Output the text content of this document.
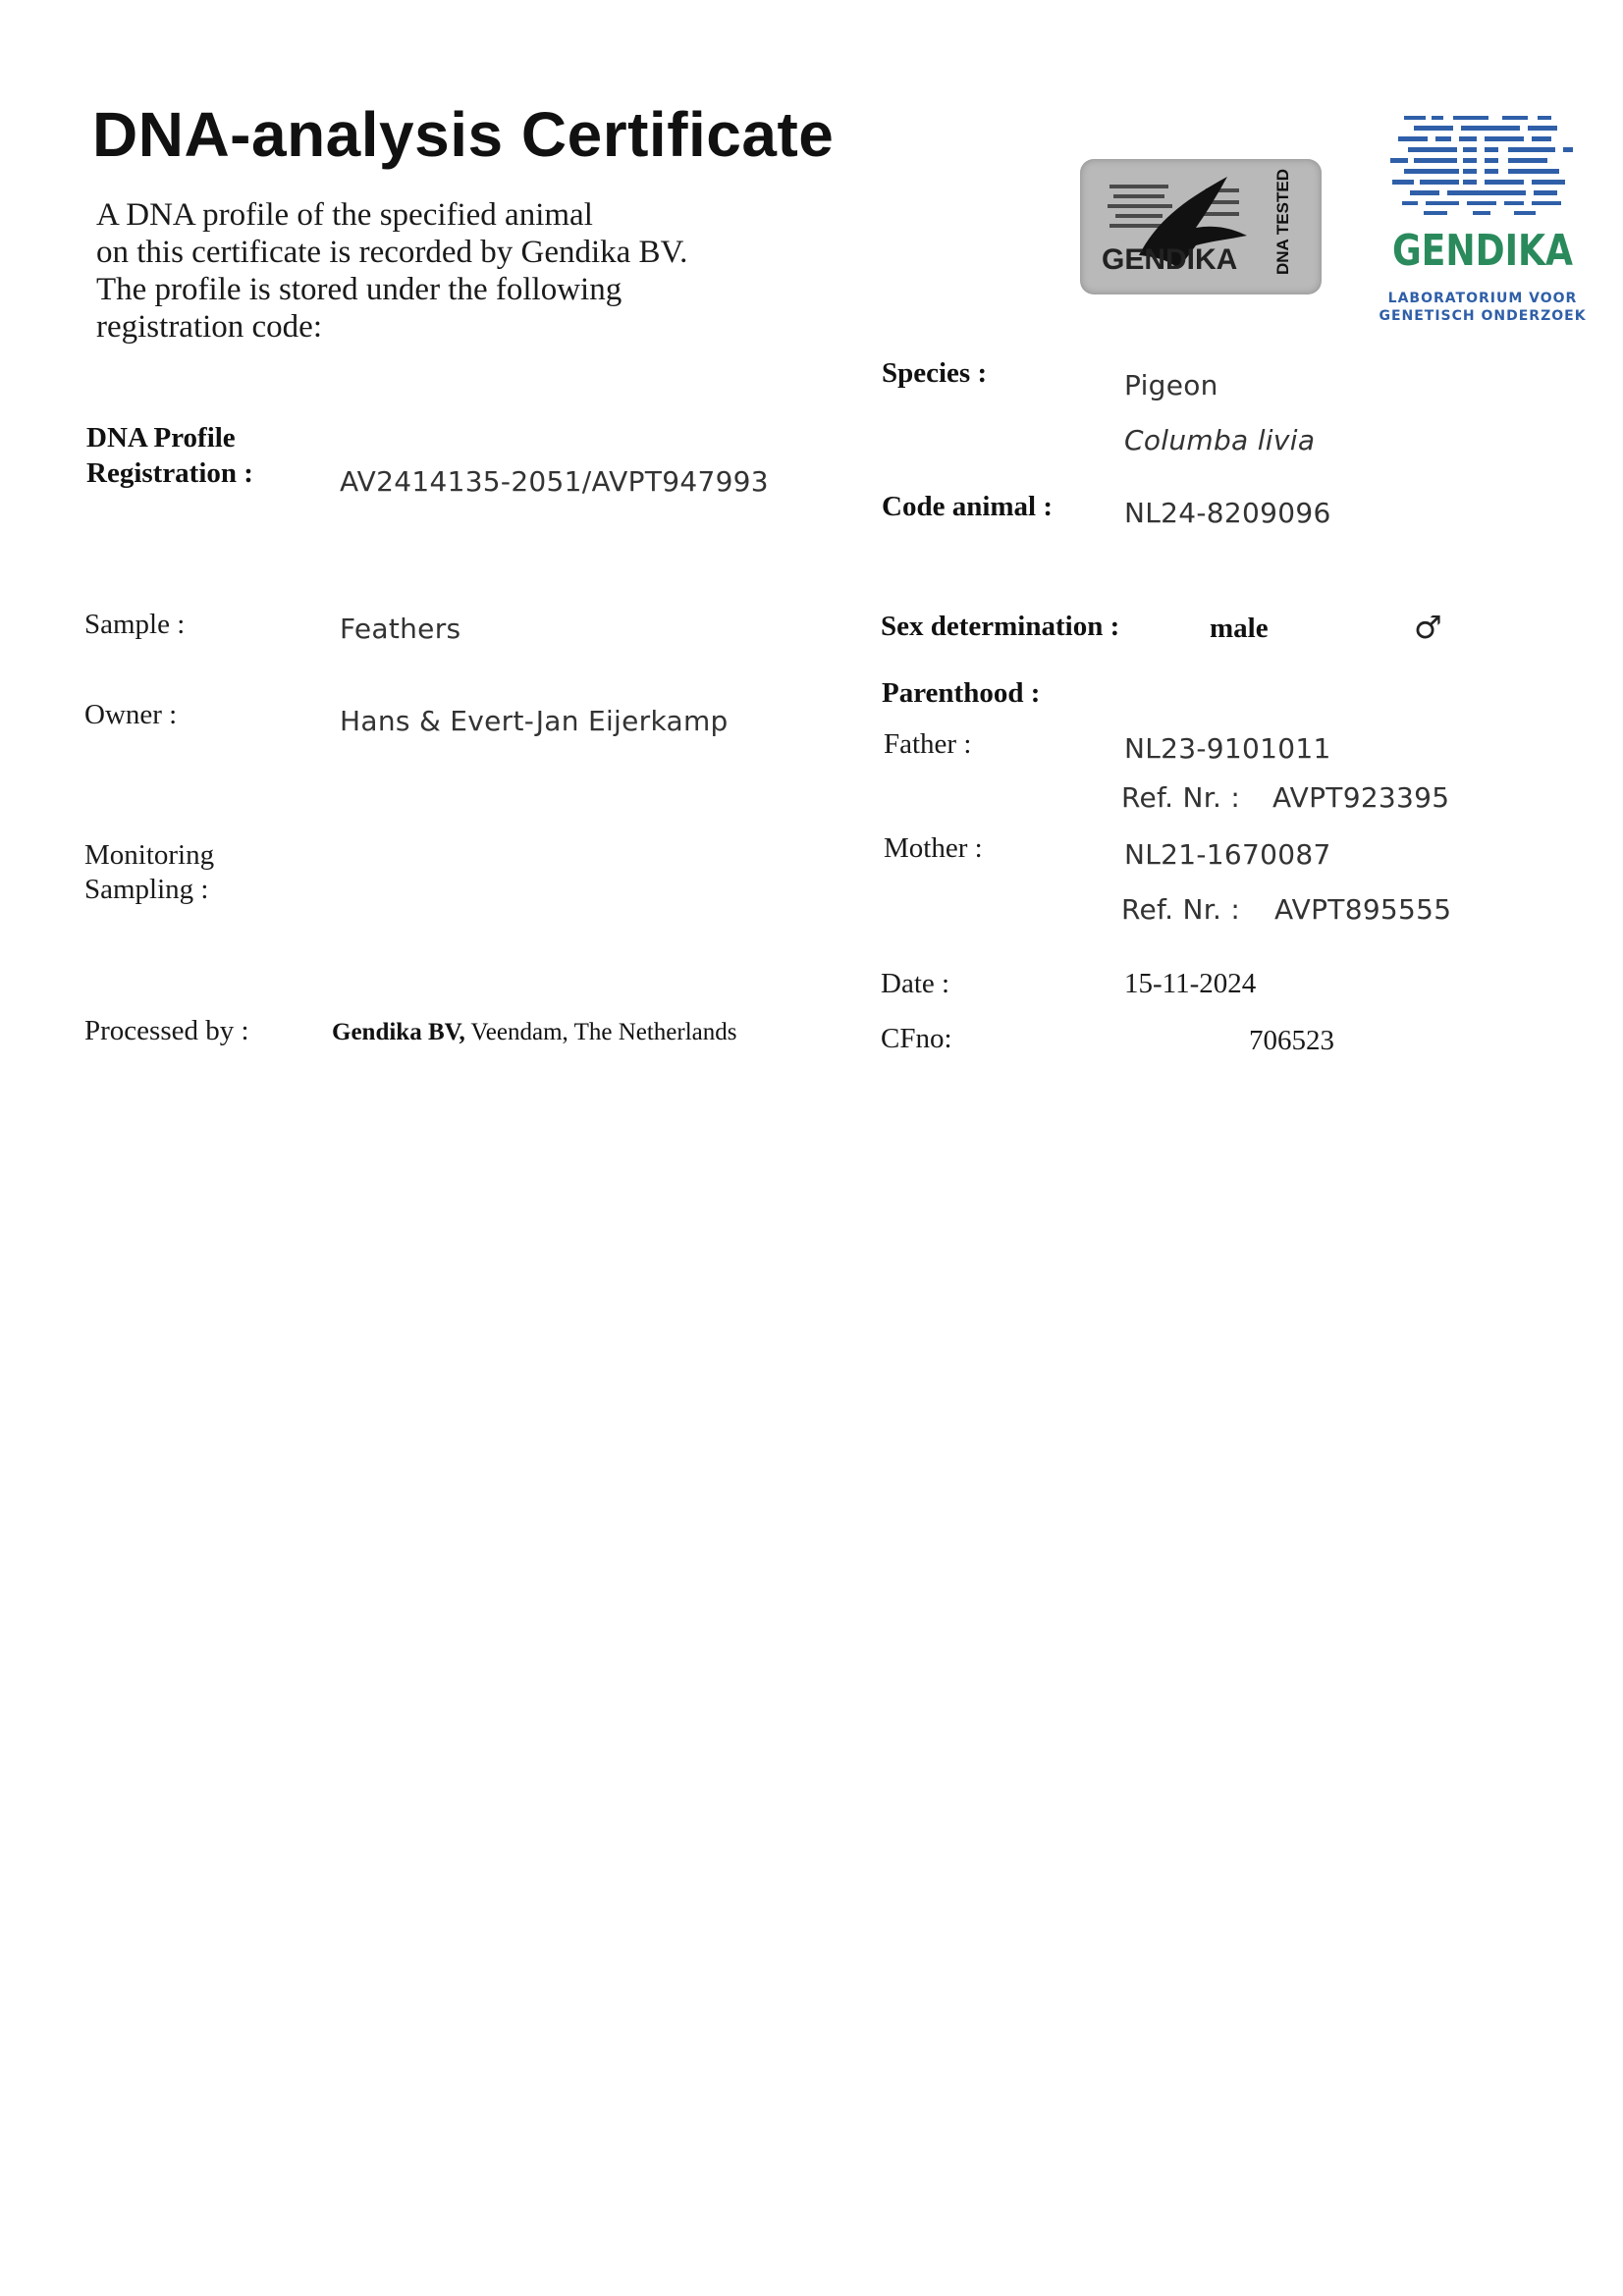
DNA-analysis Certificate
A DNA profile of the specified animal
on this certificate is recorded by Gendika BV.
The profile is stored under the following
registration code:
GENDIKA DNA TESTED GENDIKA
LABORATORIUM VOOR
GENETISCH ONDERZOEK
DNA Profile
Registration :	AV2414135-2051/AVPT947993
Sample :	Feathers
Owner :	Hans & Evert-Jan Eijerkamp
Monitoring
Sampling :
Processed by :	Gendika BV, Veendam, The Netherlands
Species :	Pigeon
Columba livia
Code animal :	NL24-8209096
Sex determination :	male	♂
Parenthood :
Father :	NL23-9101011
Ref. Nr. : AVPT923395
Mother :	NL21-1670087
Ref. Nr. : AVPT895555
Date :	15-11-2024
CFno:	706523
